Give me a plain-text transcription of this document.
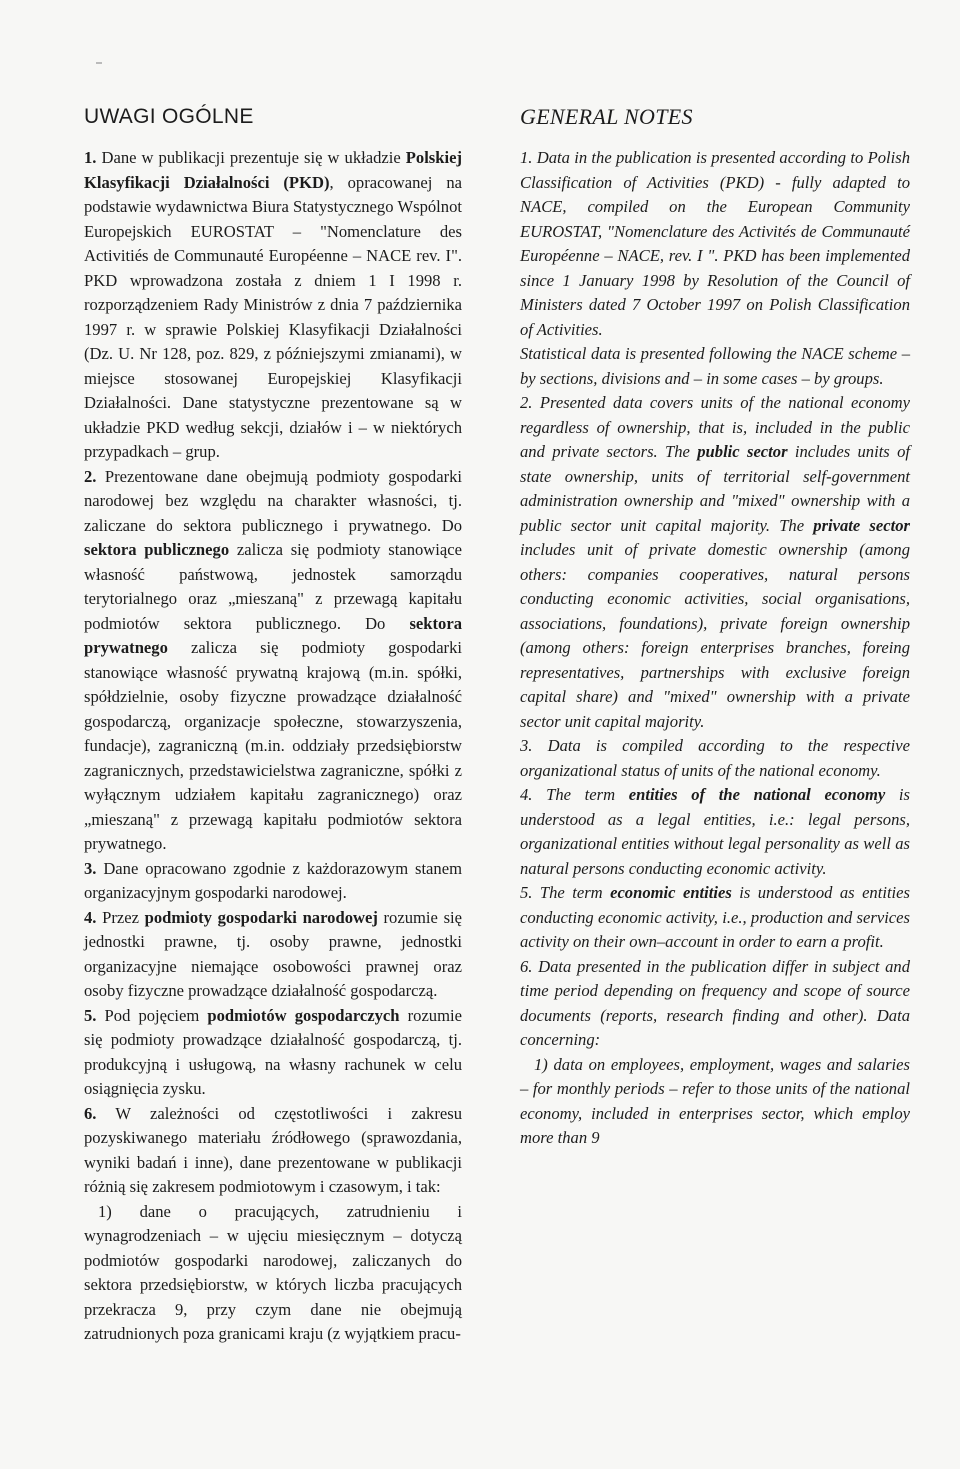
UWAGI OGÓLNE

1. Dane w publikacji prezentuje się w układzie Polskiej Klasyfikacji Działalności (PKD), opracowanej na podstawie wydawnictwa Biura Statystycznego Wspólnot Europejskich EUROSTAT – "Nomenclature des Activitiés de Communauté Européenne – NACE rev. I". PKD wprowadzona została z dniem 1 I 1998 r. rozporządzeniem Rady Ministrów z dnia 7 października 1997 r. w sprawie Polskiej Klasyfikacji Działalności (Dz. U. Nr 128, poz. 829, z późniejszymi zmianami), w miejsce stosowanej Europejskiej Klasyfikacji Działalności. Dane statystyczne prezentowane są w układzie PKD według sekcji, działów i – w niektórych przypadkach – grup.

2. Prezentowane dane obejmują podmioty gospodarki narodowej bez względu na charakter własności, tj. zaliczane do sektora publicznego i prywatnego. Do sektora publicznego zalicza się podmioty stanowiące własność państwową, jednostek samorządu terytorialnego oraz „mieszaną" z przewagą kapitału podmiotów sektora publicznego. Do sektora prywatnego zalicza się podmioty gospodarki stanowiące własność prywatną krajową (m.in. spółki, spółdzielnie, osoby fizyczne prowadzące działalność gospodarczą, organizacje społeczne, stowarzyszenia, fundacje), zagraniczną (m.in. oddziały przedsiębiorstw zagranicznych, przedstawicielstwa zagraniczne, spółki z wyłącznym udziałem kapitału zagranicznego) oraz „mieszaną" z przewagą kapitału podmiotów sektora prywatnego.

3. Dane opracowano zgodnie z każdorazowym stanem organizacyjnym gospodarki narodowej.

4. Przez podmioty gospodarki narodowej rozumie się jednostki prawne, tj. osoby prawne, jednostki organizacyjne niemające osobowości prawnej oraz osoby fizyczne prowadzące działalność gospodarczą.

5. Pod pojęciem podmiotów gospodarczych rozumie się podmioty prowadzące działalność gospodarczą, tj. produkcyjną i usługową, na własny rachunek w celu osiągnięcia zysku.

6. W zależności od częstotliwości i zakresu pozyskiwanego materiału źródłowego (sprawozdania, wyniki badań i inne), dane prezentowane w publikacji różnią się zakresem podmiotowym i czasowym, i tak:

1) dane o pracujących, zatrudnieniu i wynagrodzeniach – w ujęciu miesięcznym – dotyczą podmiotów gospodarki narodowej, zaliczanych do sektora przedsiębiorstw, w których liczba pracujących przekracza 9, przy czym dane nie obejmują zatrudnionych poza granicami kraju (z wyjątkiem pracu-

GENERAL NOTES

1. Data in the publication is presented according to Polish Classification of Activities (PKD) - fully adapted to NACE, compiled on the European Community EUROSTAT, "Nomenclature des Activités de Communauté Européenne – NACE, rev. I ". PKD has been implemented since 1 January 1998 by Resolution of the Council of Ministers dated 7 October 1997 on Polish Classification of Activities.

Statistical data is presented following the NACE scheme – by sections, divisions and – in some cases – by groups.

2. Presented data covers units of the national economy regardless of ownership, that is, included in the public and private sectors. The public sector includes units of state ownership, units of territorial self-government administration ownership and "mixed" ownership with a public sector unit capital majority. The private sector includes unit of private domestic ownership (among others: companies cooperatives, natural persons conducting economic activities, social organisations, associations, foundations), private foreign ownership (among others: foreign enterprises branches, foreing representatives, partnerships with exclusive foreign capital share) and "mixed" ownership with a private sector unit capital majority.

3. Data is compiled according to the respective organizational status of units of the national economy.

4. The term entities of the national economy is understood as a legal entities, i.e.: legal persons, organizational entities without legal personality as well as natural persons conducting economic activity.

5. The term economic entities is understood as entities conducting economic activity, i.e., production and services activity on their own–account in order to earn a profit.

6. Data presented in the publication differ in subject and time period depending on frequency and scope of source documents (reports, research finding and other). Data concerning:

1) data on employees, employment, wages and salaries – for monthly periods – refer to those units of the national economy, included in enterprises sector, which employ more than 9
